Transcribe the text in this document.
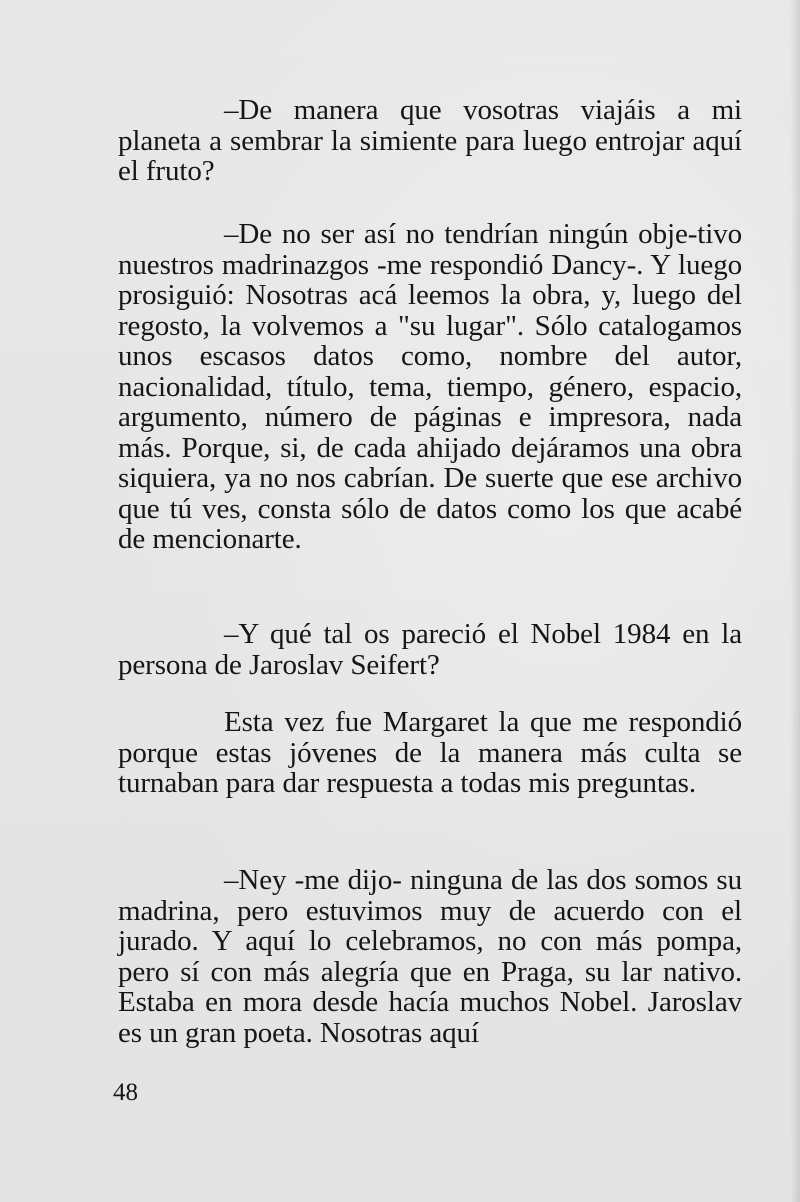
–De manera que vosotras viajáis a mi planeta a sembrar la simiente para luego entrojar aquí el fruto?

–De no ser así no tendrían ningún obje-tivo nuestros madrinazgos -me respondió Dancy-. Y luego prosiguió: Nosotras acá leemos la obra, y, luego del regosto, la volvemos a "su lugar". Sólo catalogamos unos escasos datos como, nombre del autor, nacionalidad, título, tema, tiempo, género, espacio, argumento, número de páginas e impresora, nada más. Porque, si, de cada ahijado dejáramos una obra siquiera, ya no nos cabrían. De suerte que ese archivo que tú ves, consta sólo de datos como los que acabé de mencionarte.

–Y qué tal os pareció el Nobel 1984 en la persona de Jaroslav Seifert?

Esta vez fue Margaret la que me respondió porque estas jóvenes de la manera más culta se turnaban para dar respuesta a todas mis preguntas.

–Ney -me dijo- ninguna de las dos somos su madrina, pero estuvimos muy de acuerdo con el jurado. Y aquí lo celebramos, no con más pompa, pero sí con más alegría que en Praga, su lar nativo. Estaba en mora desde hacía muchos Nobel. Jaroslav es un gran poeta. Nosotras aquí

48
